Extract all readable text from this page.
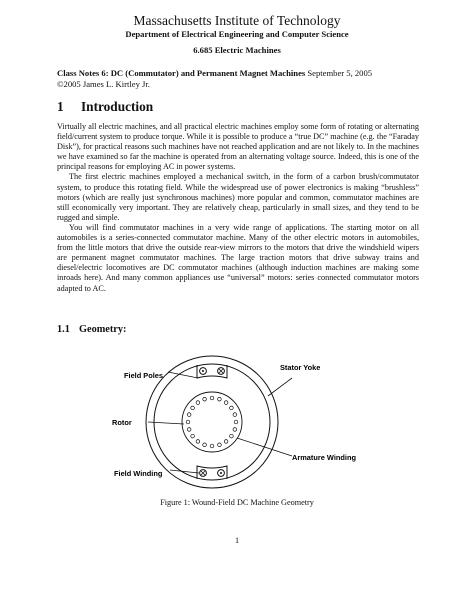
Massachusetts Institute of Technology
Department of Electrical Engineering and Computer Science
6.685 Electric Machines
Class Notes 6: DC (Commutator) and Permanent Magnet Machines September 5, 2005
©2005 James L. Kirtley Jr.
1 Introduction

Virtually all electric machines, and all practical electric machines employ some form of rotating or alternating field/current system to produce torque. While it is possible to produce a “true DC” machine (e.g. the “Faraday Disk”), for practical reasons such machines have not reached application and are not likely to. In the machines we have examined so far the machine is operated from an alternating voltage source. Indeed, this is one of the principal reasons for employing AC in power systems.

The first electric machines employed a mechanical switch, in the form of a carbon brush/commutator system, to produce this rotating field. While the widespread use of power electronics is making “brushless” motors (which are really just synchronous machines) more popular and common, commutator machines are still economically very important. They are relatively cheap, particularly in small sizes, and they tend to be rugged and simple.

You will find commutator machines in a very wide range of applications. The starting motor on all automobiles is a series-connected commutator machine. Many of the other electric motors in automobiles, from the little motors that drive the outside rear-view mirrors to the motors that drive the windshield wipers are permanent magnet commutator machines. The large traction motors that drive subway trains and diesel/electric locomotives are DC commutator machines (although induction machines are making some inroads here). And many common appliances use “universal” motors: series connected commutator motors adapted to AC.

1.1 Geometry:
Stator Yoke
Field Poles
Rotor
Armature Winding
Field Winding
Figure 1: Wound-Field DC Machine Geometry
1
